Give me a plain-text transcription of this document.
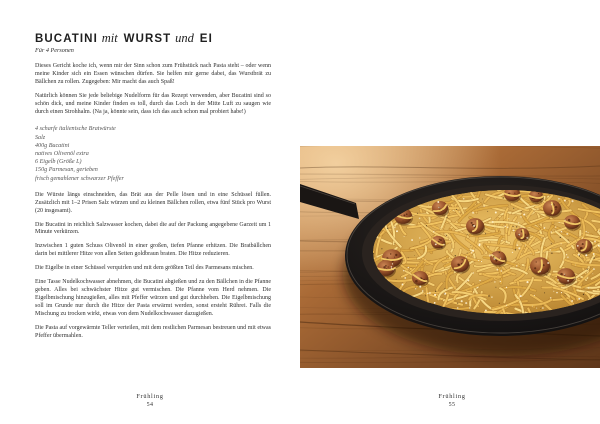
BUCATINI mit WURST und EI
Für 4 Personen

Dieses Gericht koche ich, wenn mir der Sinn schon zum Frühstück nach Pasta steht – oder wenn meine Kinder sich ein Essen wünschen dürfen. Sie helfen mir gerne dabei, das Wurstbrät zu Bällchen zu rollen. Zugegeben: Mir macht das auch Spaß!

Natürlich können Sie jede beliebige Nudelform für das Rezept verwenden, aber Bucatini sind so schön dick, und meine Kinder finden es toll, durch das Loch in der Mitte Luft zu saugen wie durch einen Strohhalm. (Na ja, könnte sein, dass ich das auch schon mal probiert habe!)

4 scharfe italienische Bratwürste
Salz
400g Bucatini
natives Olivenöl extra
6 Eigelb (Größe L)
150g Parmesan, gerieben
frisch gemahlener schwarzer Pfeffer

Die Würste längs einschneiden, das Brät aus der Pelle lösen und in eine Schüssel füllen. Zusätzlich mit 1–2 Prisen Salz würzen und zu kleinen Bällchen rollen, etwa fünf Stück pro Wurst (20 insgesamt).

Die Bucatini in reichlich Salzwasser kochen, dabei die auf der Packung angegebene Garzeit um 1 Minute verkürzen.

Inzwischen 1 guten Schuss Olivenöl in einer großen, tiefen Pfanne erhitzen. Die Bratbällchen darin bei mittlerer Hitze von allen Seiten goldbraun braten. Die Hitze reduzieren.

Die Eigelbe in einer Schüssel verquirlen und mit dem größten Teil des Parmesans mischen.

Eine Tasse Nudelkochwasser abnehmen, die Bucatini abgießen und zu den Bällchen in die Pfanne geben. Alles bei schwächster Hitze gut vermischen. Die Pfanne vom Herd nehmen. Die Eigelbmischung hinzugießen, alles mit Pfeffer würzen und gut durchheben. Die Eigelbmischung soll im Grunde nur durch die Hitze der Pasta erwärmt werden, sonst ersteht Rührei. Falls die Mischung zu trocken wirkt, etwas von dem Nudelkochwasser dazugießen.

Die Pasta auf vorgewärmte Teller verteilen, mit dem restlichen Parmesan bestreuen und mit etwas Pfeffer übermahlen.

Frühling
54
Frühling
55
